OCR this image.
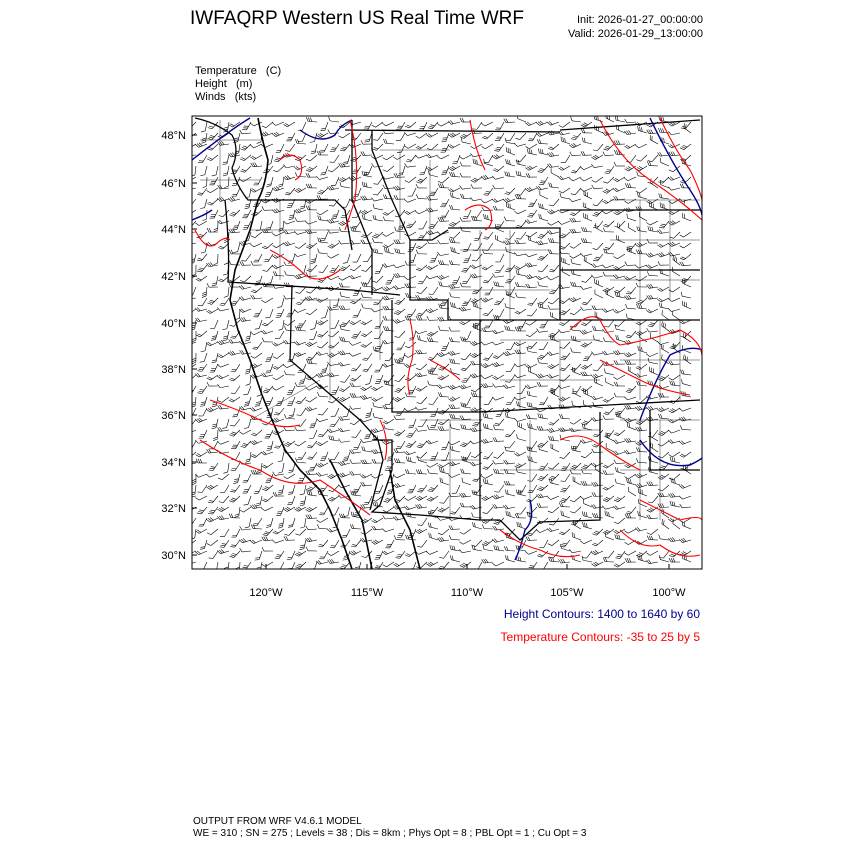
IWFAQRP Western US Real Time WRF	Init: 2026-01-27_00:00:00
Valid: 2026-01-29_13:00:00
Temperature   (C)
Height   (m)
Winds   (kts)
48°N
46°N
44°N
42°N
40°N
38°N
36°N
34°N
32°N
30°N
120°W	115°W	110°W	105°W	100°W
Height Contours: 1400 to 1640 by 60
Temperature Contours: -35 to 25 by 5
OUTPUT FROM WRF V4.6.1 MODEL
WE = 310 ; SN = 275 ; Levels = 38 ; Dis = 8km ; Phys Opt = 8 ; PBL Opt = 1 ; Cu Opt = 3
